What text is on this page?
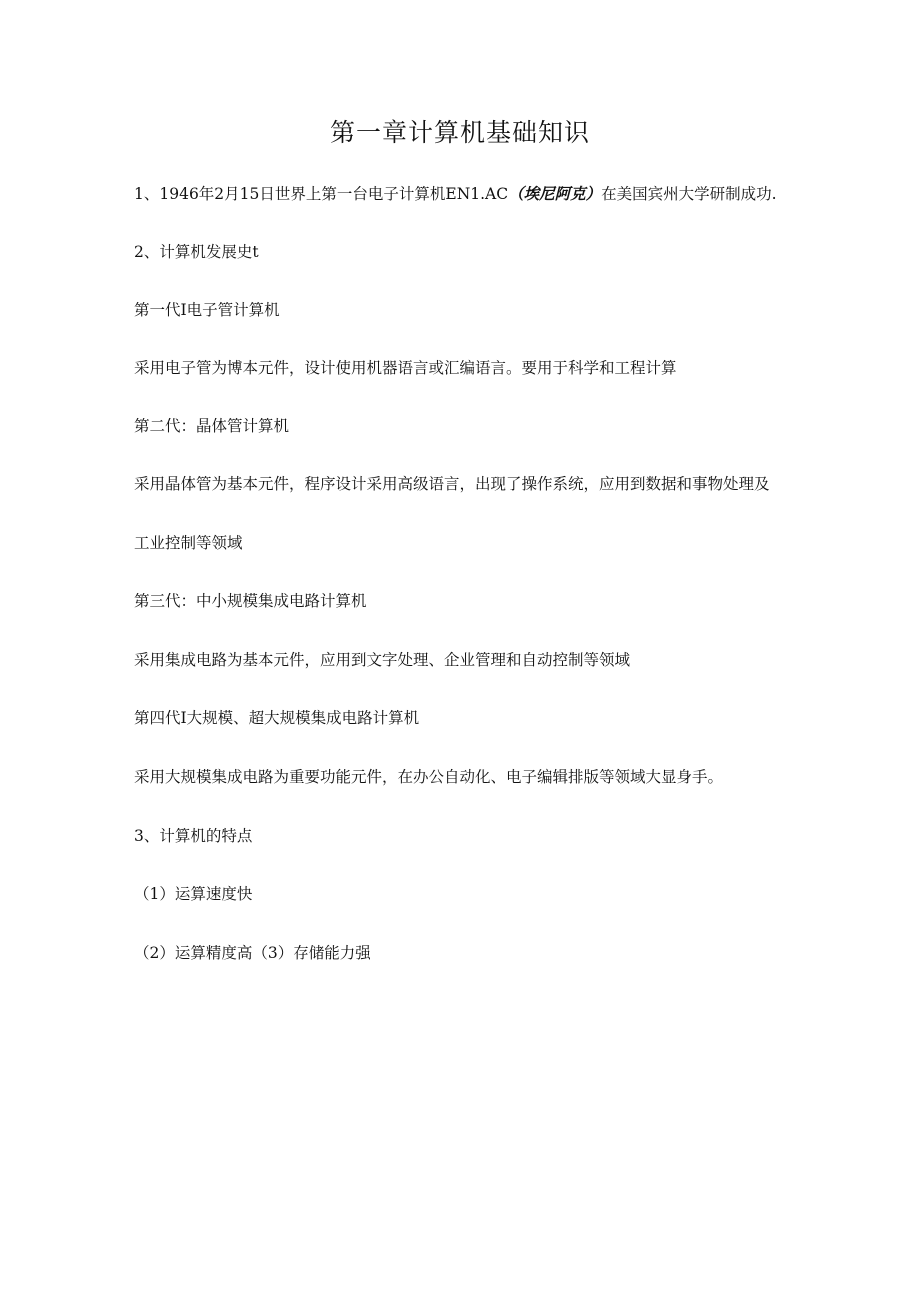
第一章计算机基础知识

1、1946年2月15日世界上第一台电子计算机EN1.AC（埃尼阿克）在美国宾州大学研制成功.

2、计算机发展史t

第一代I电子管计算机

采用电子管为博本元件，设计使用机器语言或汇编语言。要用于科学和工程计算

第二代：晶体管计算机

采用晶体管为基本元件，程序设计采用高级语言，出现了操作系统，应用到数据和事物处理及

工业控制等领域

第三代：中小规模集成电路计算机

采用集成电路为基本元件，应用到文字处理、企业管理和自动控制等领域

第四代I大规模、超大规模集成电路计算机

采用大规模集成电路为重要功能元件，在办公自动化、电子编辑排版等领域大显身手。

3、计算机的特点

（1）运算速度快

（2）运算精度高（3）存储能力强
